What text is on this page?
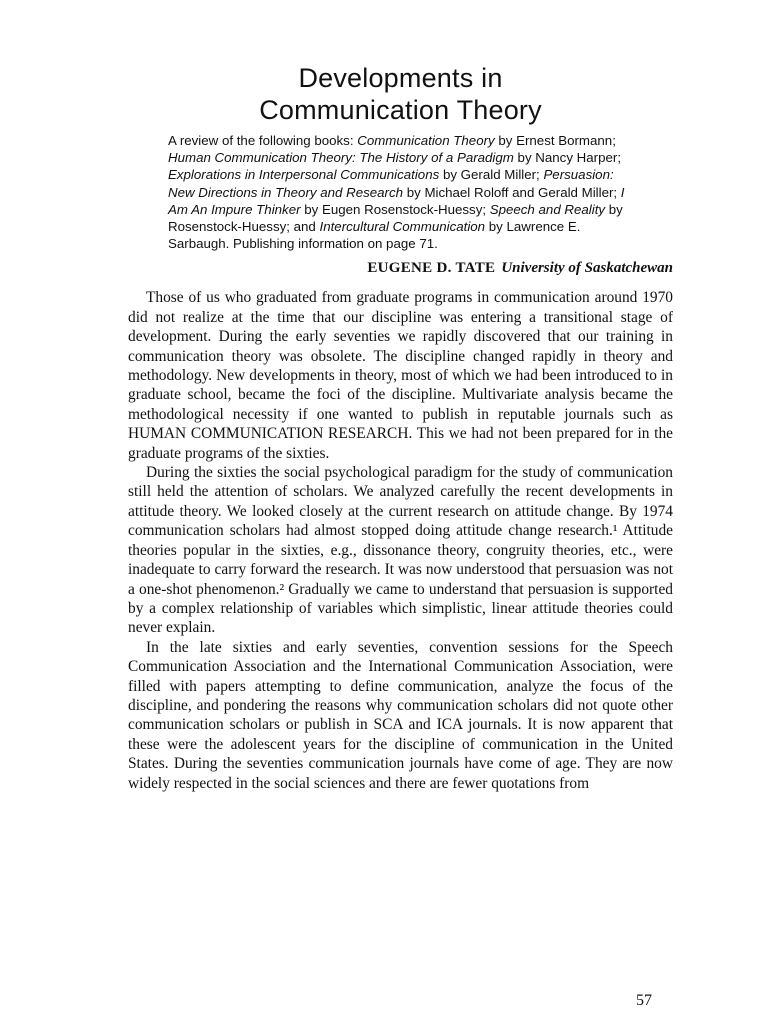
Developments in
Communication Theory
A review of the following books: Communication Theory by Ernest Bormann; Human Communication Theory: The History of a Paradigm by Nancy Harper; Explorations in Interpersonal Communications by Gerald Miller; Persuasion: New Directions in Theory and Research by Michael Roloff and Gerald Miller; I Am An Impure Thinker by Eugen Rosenstock-Huessy; Speech and Reality by Rosenstock-Huessy; and Intercultural Communication by Lawrence E. Sarbaugh. Publishing information on page 71.
EUGENE D. TATE University of Saskatchewan

Those of us who graduated from graduate programs in communication around 1970 did not realize at the time that our discipline was entering a transitional stage of development. During the early seventies we rapidly discovered that our training in communication theory was obsolete. The discipline changed rapidly in theory and methodology. New developments in theory, most of which we had been introduced to in graduate school, became the foci of the discipline. Multivariate analysis became the methodological necessity if one wanted to publish in reputable journals such as HUMAN COMMUNICATION RESEARCH. This we had not been prepared for in the graduate programs of the sixties.

During the sixties the social psychological paradigm for the study of communication still held the attention of scholars. We analyzed carefully the recent developments in attitude theory. We looked closely at the current research on attitude change. By 1974 communication scholars had almost stopped doing attitude change research.¹ Attitude theories popular in the sixties, e.g., dissonance theory, congruity theories, etc., were inadequate to carry forward the research. It was now understood that persuasion was not a one-shot phenomenon.² Gradually we came to understand that persuasion is supported by a complex relationship of variables which simplistic, linear attitude theories could never explain.

In the late sixties and early seventies, convention sessions for the Speech Communication Association and the International Communication Association, were filled with papers attempting to define communication, analyze the focus of the discipline, and pondering the reasons why communication scholars did not quote other communication scholars or publish in SCA and ICA journals. It is now apparent that these were the adolescent years for the discipline of communication in the United States. During the seventies communication journals have come of age. They are now widely respected in the social sciences and there are fewer quotations from

57
